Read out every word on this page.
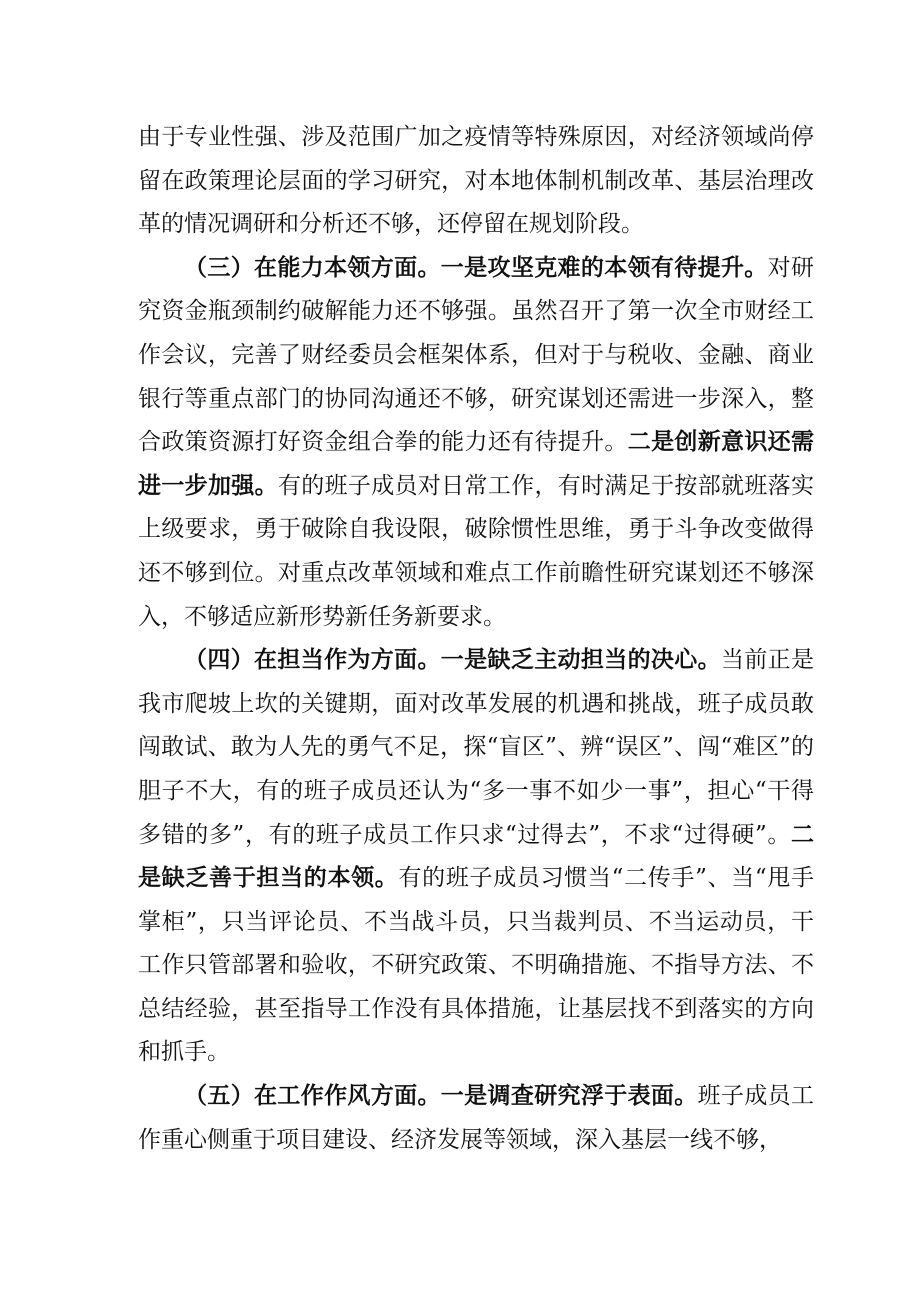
由于专业性强、涉及范围广加之疫情等特殊原因，对经济领域尚停留在政策理论层面的学习研究，对本地体制机制改革、基层治理改革的情况调研和分析还不够，还停留在规划阶段。

（三）在能力本领方面。一是攻坚克难的本领有待提升。对研究资金瓶颈制约破解能力还不够强。虽然召开了第一次全市财经工作会议，完善了财经委员会框架体系，但对于与税收、金融、商业银行等重点部门的协同沟通还不够，研究谋划还需进一步深入，整合政策资源打好资金组合拳的能力还有待提升。二是创新意识还需进一步加强。有的班子成员对日常工作，有时满足于按部就班落实上级要求，勇于破除自我设限，破除惯性思维，勇于斗争改变做得还不够到位。对重点改革领域和难点工作前瞻性研究谋划还不够深入，不够适应新形势新任务新要求。

（四）在担当作为方面。一是缺乏主动担当的决心。当前正是我市爬坡上坎的关键期，面对改革发展的机遇和挑战，班子成员敢闯敢试、敢为人先的勇气不足，探“盲区”、辨“误区”、闯“难区”的胆子不大，有的班子成员还认为“多一事不如少一事”，担心“干得多错的多”，有的班子成员工作只求“过得去”，不求“过得硬”。二是缺乏善于担当的本领。有的班子成员习惯当“二传手”、当“甩手掌柜”，只当评论员、不当战斗员，只当裁判员、不当运动员，干工作只管部署和验收，不研究政策、不明确措施、不指导方法、不总结经验，甚至指导工作没有具体措施，让基层找不到落实的方向和抓手。

（五）在工作作风方面。一是调查研究浮于表面。班子成员工作重心侧重于项目建设、经济发展等领域，深入基层一线不够，
